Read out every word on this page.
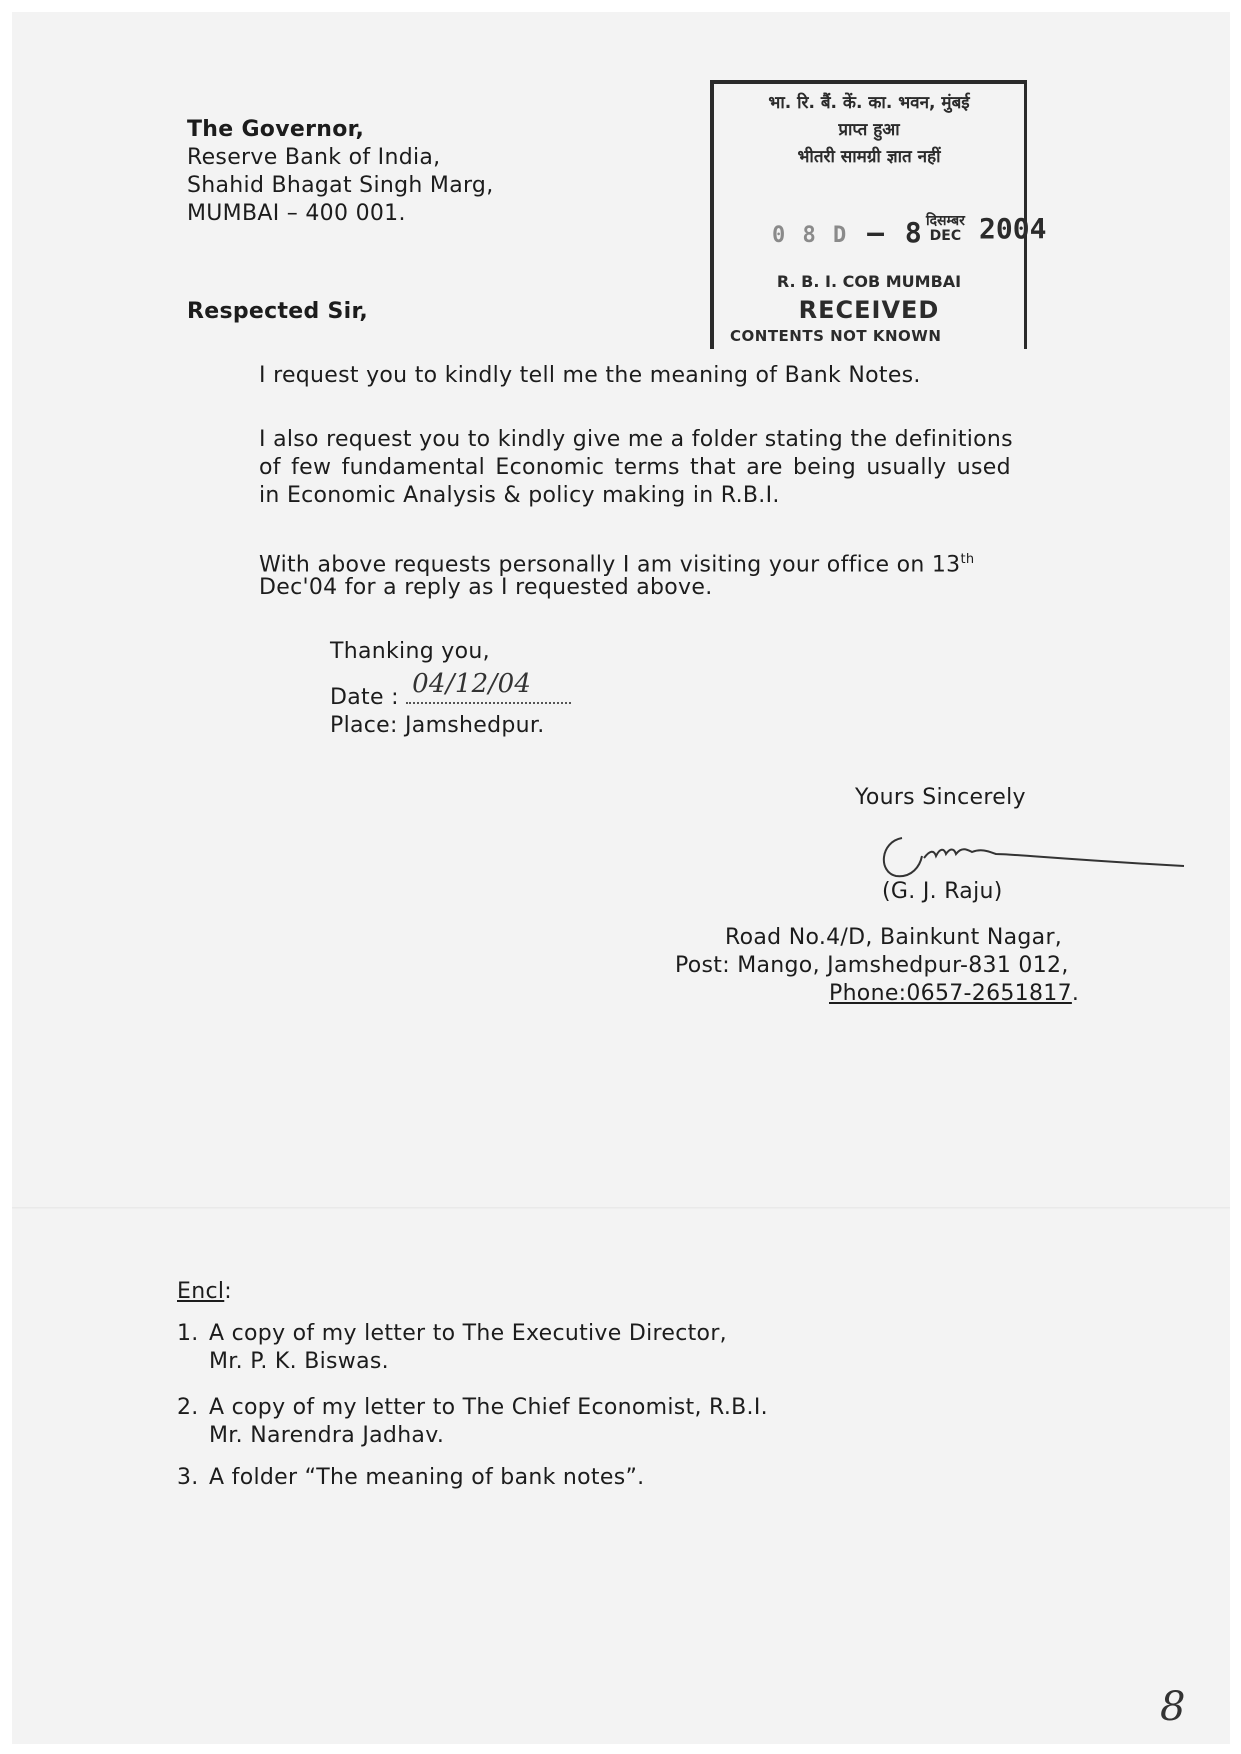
The Governor,
Reserve Bank of India,
Shahid Bhagat Singh Marg,
MUMBAI – 400 001.
भा. रि. बैं. कें. का. भवन, मुंबई
प्राप्त हुआ
भीतरी सामग्री ज्ञात नहीं
0 8 D – 8 दिसम्बर
DEC 2004
R. B. I. COB MUMBAI
RECEIVED
CONTENTS NOT KNOWN
Respected Sir,
I request you to kindly tell me the meaning of Bank Notes.
I also request you to kindly give me a folder stating the definitions
of few fundamental Economic terms that are being usually used
in Economic Analysis & policy making in R.B.I.
With above requests personally I am visiting your office on 13th
Dec'04 for a reply as I requested above.
Thanking you,
Date : 04/12/04
Place: Jamshedpur.
Yours Sincerely
(G. J. Raju)
Road No.4/D, Bainkunt Nagar,
Post: Mango, Jamshedpur-831 012,
Phone:0657-2651817.
Encl:
1. A copy of my letter to The Executive Director,
Mr. P. K. Biswas.
2. A copy of my letter to The Chief Economist, R.B.I.
Mr. Narendra Jadhav.
3. A folder “The meaning of bank notes”.
8
